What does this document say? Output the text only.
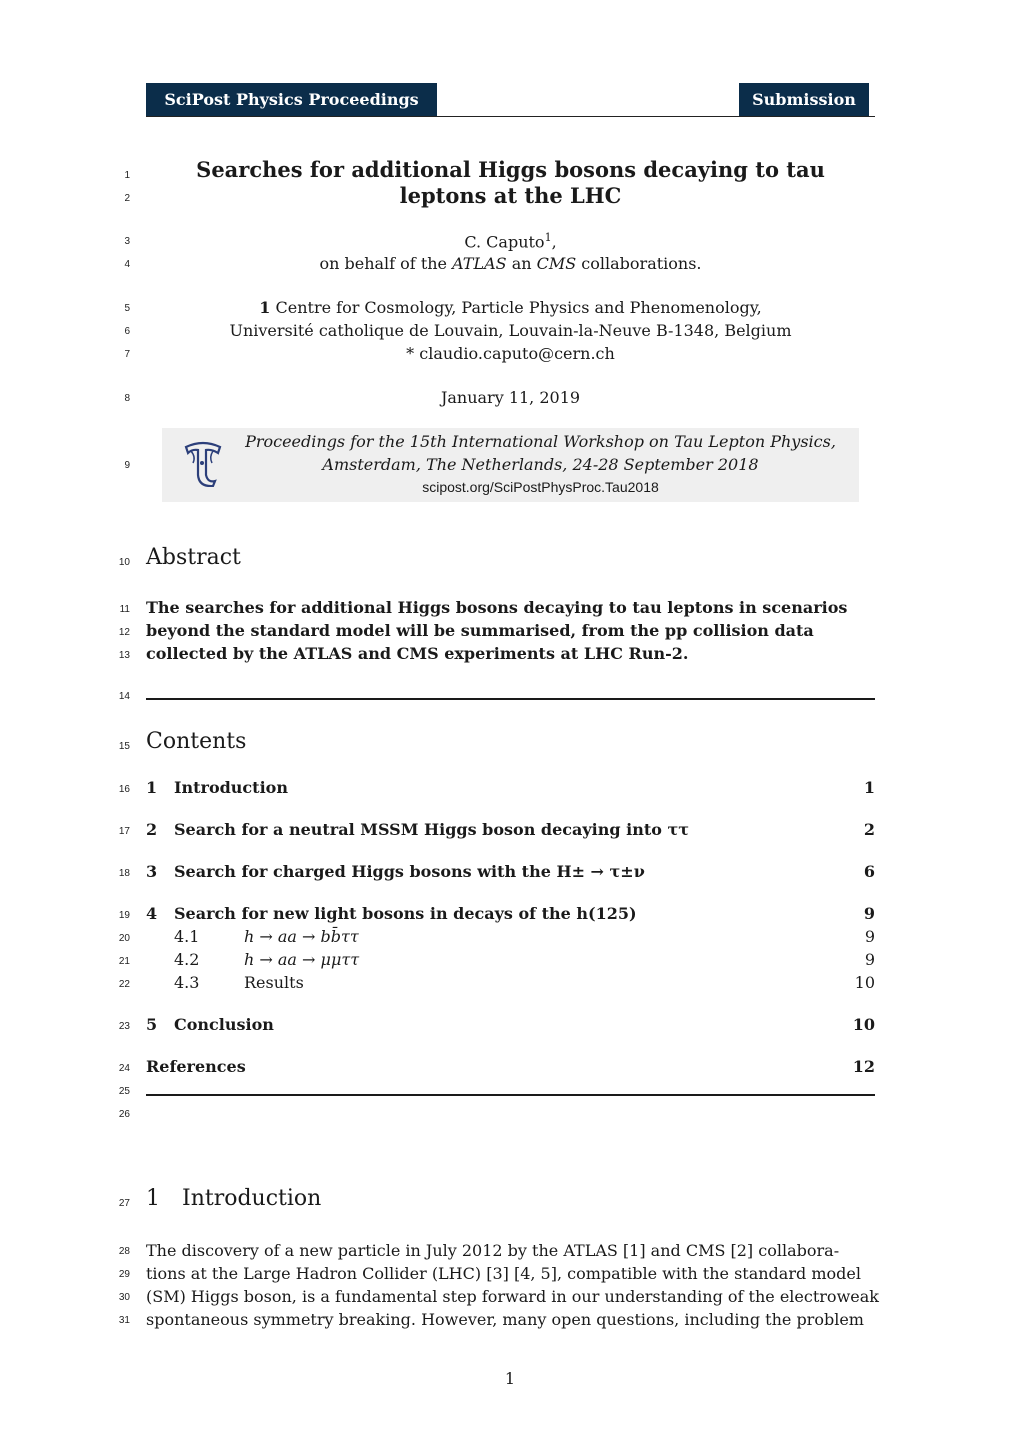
SciPost Physics Proceedings	Submission
1
2
3
4
5
6
7
8
9
10
11
12
13
14
15
16
17
18
19
20
21
22
23
24
25
26
27
28
29
30
31
Searches for additional Higgs bosons decaying to tau
leptons at the LHC
C. Caputo$^1$,
on behalf of the ATLAS an CMS collaborations.
1 Centre for Cosmology, Particle Physics and Phenomenology,
Université catholique de Louvain, Louvain-la-Neuve B-1348, Belgium
* claudio.caputo@cern.ch
January 11, 2019
Proceedings for the 15th International Workshop on Tau Lepton Physics,
Amsterdam, The Netherlands, 24-28 September 2018
scipost.org/SciPostPhysProc.Tau2018
Abstract
The searches for additional Higgs bosons decaying to tau leptons in scenarios
beyond the standard model will be summarised, from the pp collision data
collected by the ATLAS and CMS experiments at LHC Run-2.
Contents
1	Introduction	1
2	Search for a neutral MSSM Higgs boson decaying into ττ	2
3	Search for charged Higgs bosons with the H± → τ±ν	6
4	Search for new light bosons in decays of the h(125)	9
4.1	h → aa → bb̄ττ	9
4.2	h → aa → μμττ	9
4.3	Results	10
5	Conclusion	10
References	12
1 Introduction
The discovery of a new particle in July 2012 by the ATLAS [1] and CMS [2] collabora-
tions at the Large Hadron Collider (LHC) [3] [4, 5], compatible with the standard model
(SM) Higgs boson, is a fundamental step forward in our understanding of the electroweak
spontaneous symmetry breaking. However, many open questions, including the problem
1
